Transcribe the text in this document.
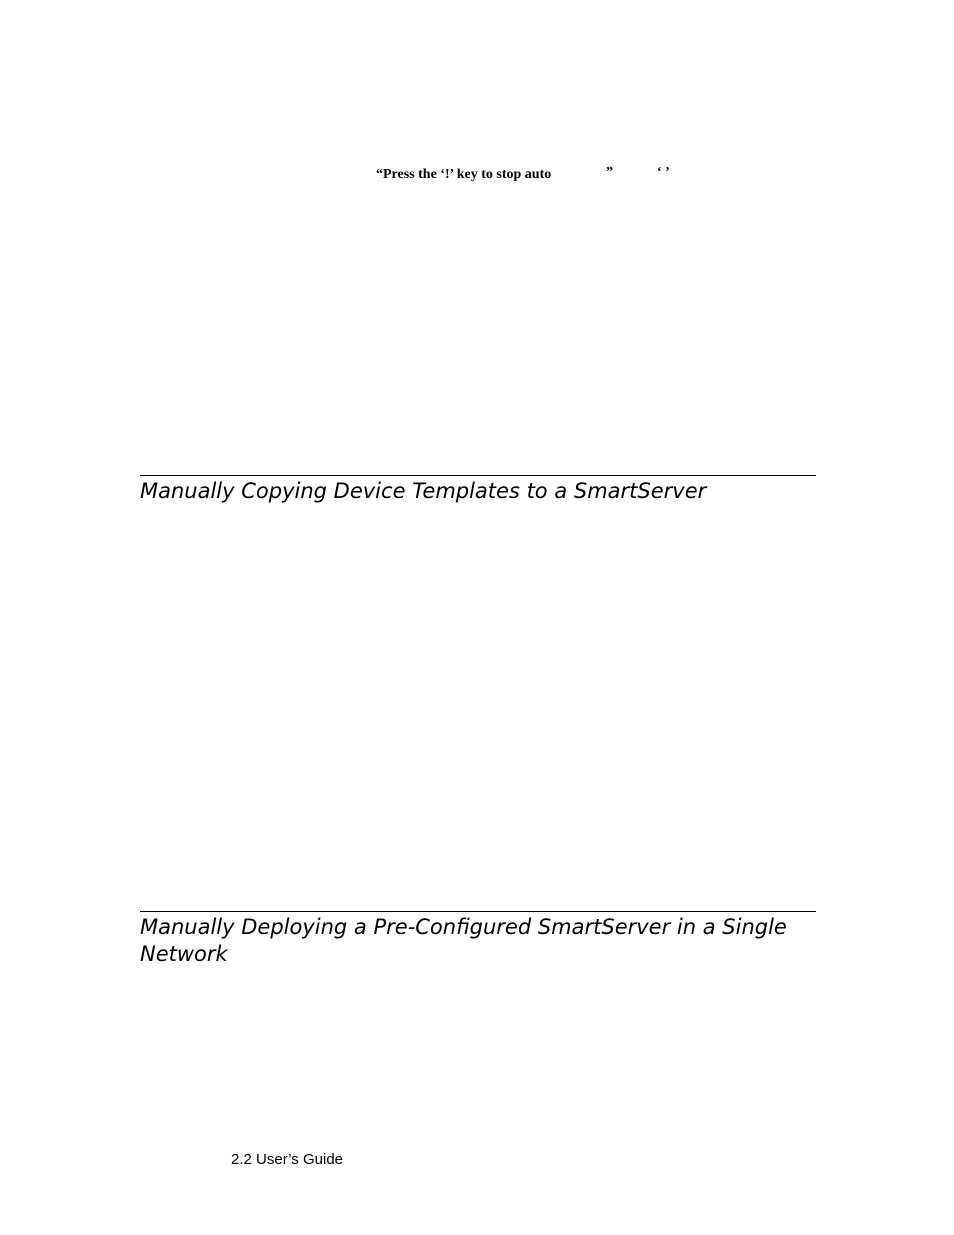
“Press the ‘!’ key to stop auto	”	‘ ’
Manually Copying Device Templates to a SmartServer
Manually Deploying a Pre-Configured SmartServer in a Single Network
2.2 User’s Guide
